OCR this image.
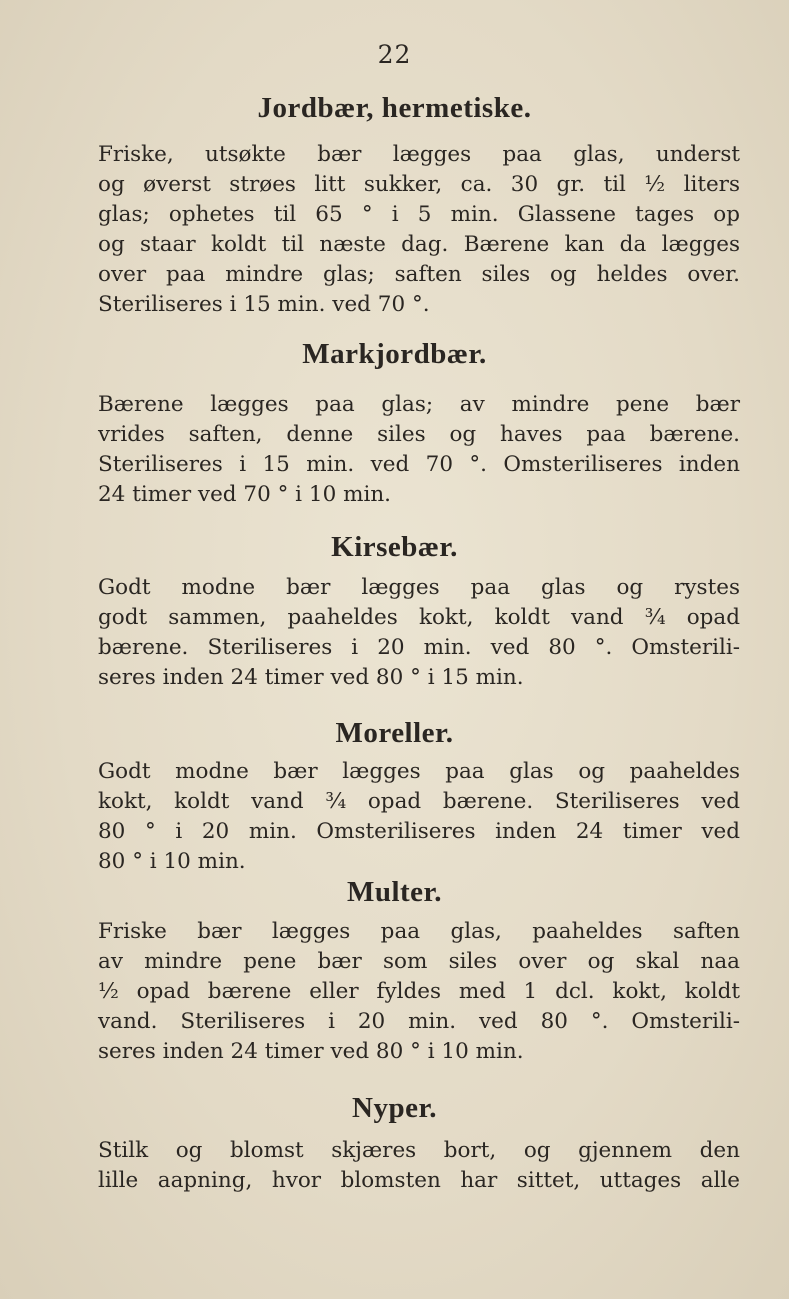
22
Jordbær, hermetiske.
Friske, utsøkte bær lægges paa glas, underst
og øverst strøes litt sukker, ca. 30 gr. til ½ liters
glas; ophetes til 65 ° i 5 min. Glassene tages op
og staar koldt til næste dag. Bærene kan da lægges
over paa mindre glas; saften siles og heldes over.
Steriliseres i 15 min. ved 70 °.
Markjordbær.
Bærene lægges paa glas; av mindre pene bær
vrides saften, denne siles og haves paa bærene.
Steriliseres i 15 min. ved 70 °. Omsteriliseres inden
24 timer ved 70 ° i 10 min.
Kirsebær.
Godt modne bær lægges paa glas og rystes
godt sammen, paaheldes kokt, koldt vand ¾ opad
bærene. Steriliseres i 20 min. ved 80 °. Omsterili-
seres inden 24 timer ved 80 ° i 15 min.
Moreller.
Godt modne bær lægges paa glas og paaheldes
kokt, koldt vand ¾ opad bærene. Steriliseres ved
80 ° i 20 min. Omsteriliseres inden 24 timer ved
80 ° i 10 min.
Multer.
Friske bær lægges paa glas, paaheldes saften
av mindre pene bær som siles over og skal naa
½ opad bærene eller fyldes med 1 dcl. kokt, koldt
vand. Steriliseres i 20 min. ved 80 °. Omsterili-
seres inden 24 timer ved 80 ° i 10 min.
Nyper.
Stilk og blomst skjæres bort, og gjennem den
lille aapning, hvor blomsten har sittet, uttages alle
